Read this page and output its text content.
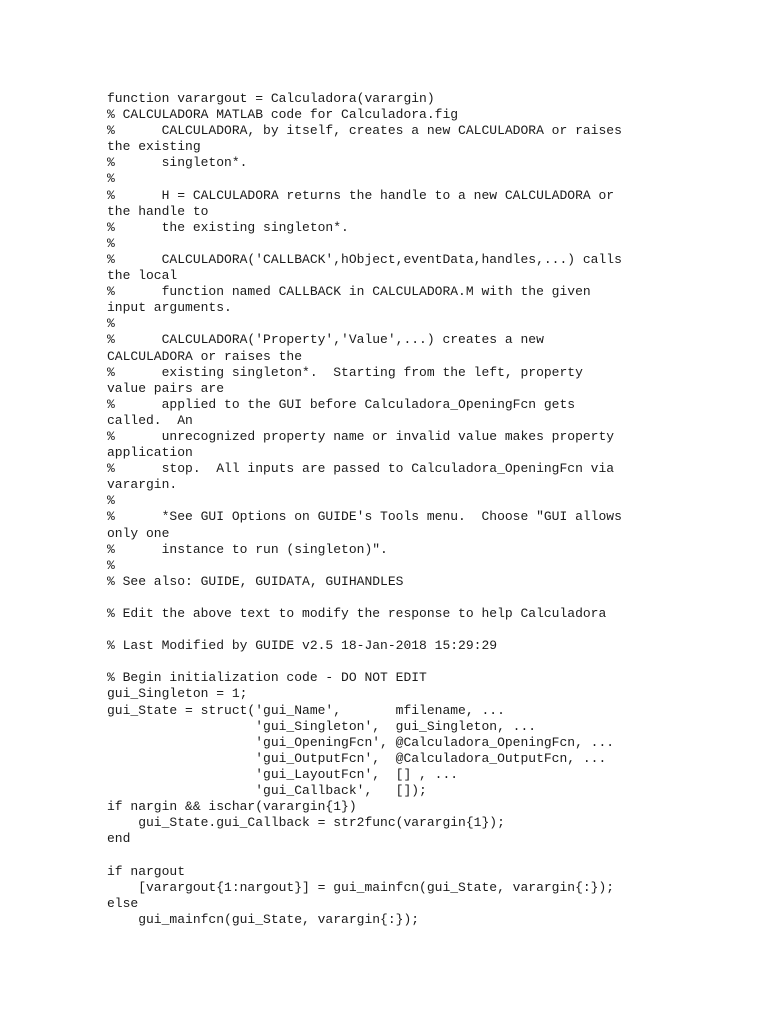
function varargout = Calculadora(varargin)
% CALCULADORA MATLAB code for Calculadora.fig
%      CALCULADORA, by itself, creates a new CALCULADORA or raises
the existing
%      singleton*.
%
%      H = CALCULADORA returns the handle to a new CALCULADORA or
the handle to
%      the existing singleton*.
%
%      CALCULADORA('CALLBACK',hObject,eventData,handles,...) calls
the local
%      function named CALLBACK in CALCULADORA.M with the given
input arguments.
%
%      CALCULADORA('Property','Value',...) creates a new
CALCULADORA or raises the
%      existing singleton*.  Starting from the left, property
value pairs are
%      applied to the GUI before Calculadora_OpeningFcn gets
called.  An
%      unrecognized property name or invalid value makes property
application
%      stop.  All inputs are passed to Calculadora_OpeningFcn via
varargin.
%
%      *See GUI Options on GUIDE's Tools menu.  Choose "GUI allows
only one
%      instance to run (singleton)".
%
% See also: GUIDE, GUIDATA, GUIHANDLES
% Edit the above text to modify the response to help Calculadora
% Last Modified by GUIDE v2.5 18-Jan-2018 15:29:29
% Begin initialization code - DO NOT EDIT
gui_Singleton = 1;
gui_State = struct('gui_Name',       mfilename, ...
'gui_Singleton',  gui_Singleton, ...
'gui_OpeningFcn', @Calculadora_OpeningFcn, ...
'gui_OutputFcn',  @Calculadora_OutputFcn, ...
'gui_LayoutFcn',  [] , ...
'gui_Callback',   []);
if nargin && ischar(varargin{1})
gui_State.gui_Callback = str2func(varargin{1});
end
if nargout
[varargout{1:nargout}] = gui_mainfcn(gui_State, varargin{:});
else
gui_mainfcn(gui_State, varargin{:});
